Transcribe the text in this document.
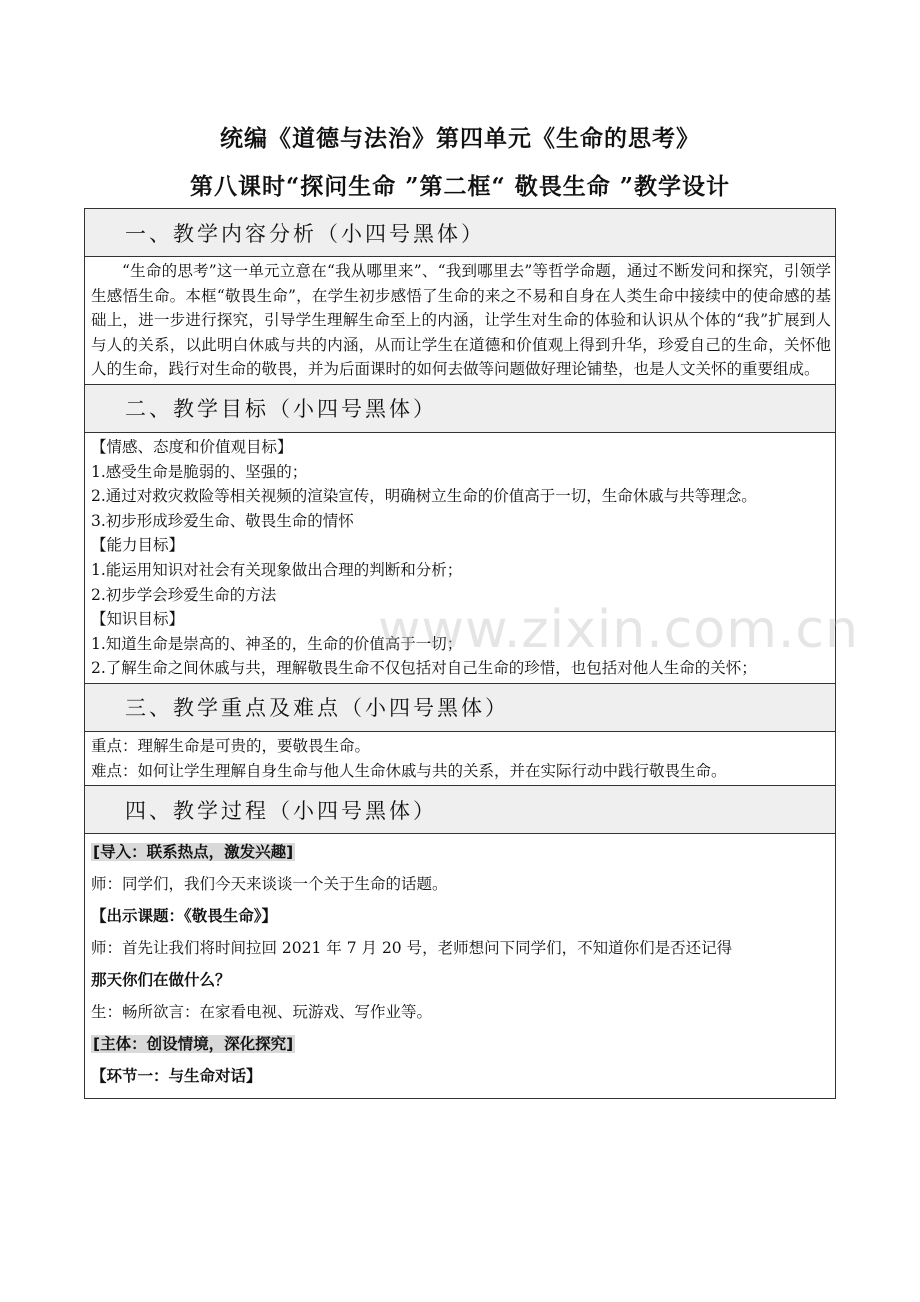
统编《道德与法治》第四单元《生命的思考》
第八课时“探问生命 ”第二框“ 敬畏生命 ”教学设计
一、教学内容分析（小四号黑体）

“生命的思考”这一单元立意在“我从哪里来”、“我到哪里去”等哲学命题，通过不断发问和探究，引领学生感悟生命。本框“敬畏生命”，在学生初步感悟了生命的来之不易和自身在人类生命中接续中的使命感的基础上，进一步进行探究，引导学生理解生命至上的内涵，让学生对生命的体验和认识从个体的“我”扩展到人与人的关系，以此明白休戚与共的内涵，从而让学生在道德和价值观上得到升华，珍爱自己的生命，关怀他人的生命，践行对生命的敬畏，并为后面课时的如何去做等问题做好理论铺垫，也是人文关怀的重要组成。

二、教学目标（小四号黑体）

【情感、态度和价值观目标】

1.感受生命是脆弱的、坚强的；

2.通过对救灾救险等相关视频的渲染宣传，明确树立生命的价值高于一切，生命休戚与共等理念。

3.初步形成珍爱生命、敬畏生命的情怀

【能力目标】

1.能运用知识对社会有关现象做出合理的判断和分析；

2.初步学会珍爱生命的方法

【知识目标】

1.知道生命是崇高的、神圣的，生命的价值高于一切；

2.了解生命之间休戚与共，理解敬畏生命不仅包括对自己生命的珍惜，也包括对他人生命的关怀；

三、教学重点及难点（小四号黑体）

重点：理解生命是可贵的，要敬畏生命。

难点：如何让学生理解自身生命与他人生命休戚与共的关系，并在实际行动中践行敬畏生命。

四、教学过程（小四号黑体）

[导入：联系热点，激发兴趣]

师：同学们，我们今天来谈谈一个关于生命的话题。

【出示课题：《敬畏生命》】

师：首先让我们将时间拉回 2021 年 7 月 20 号，老师想问下同学们，不知道你们是否还记得

那天你们在做什么？

生：畅所欲言：在家看电视、玩游戏、写作业等。

[主体：创设情境，深化探究]

【环节一：与生命对话】

www.zixin.com.cn
